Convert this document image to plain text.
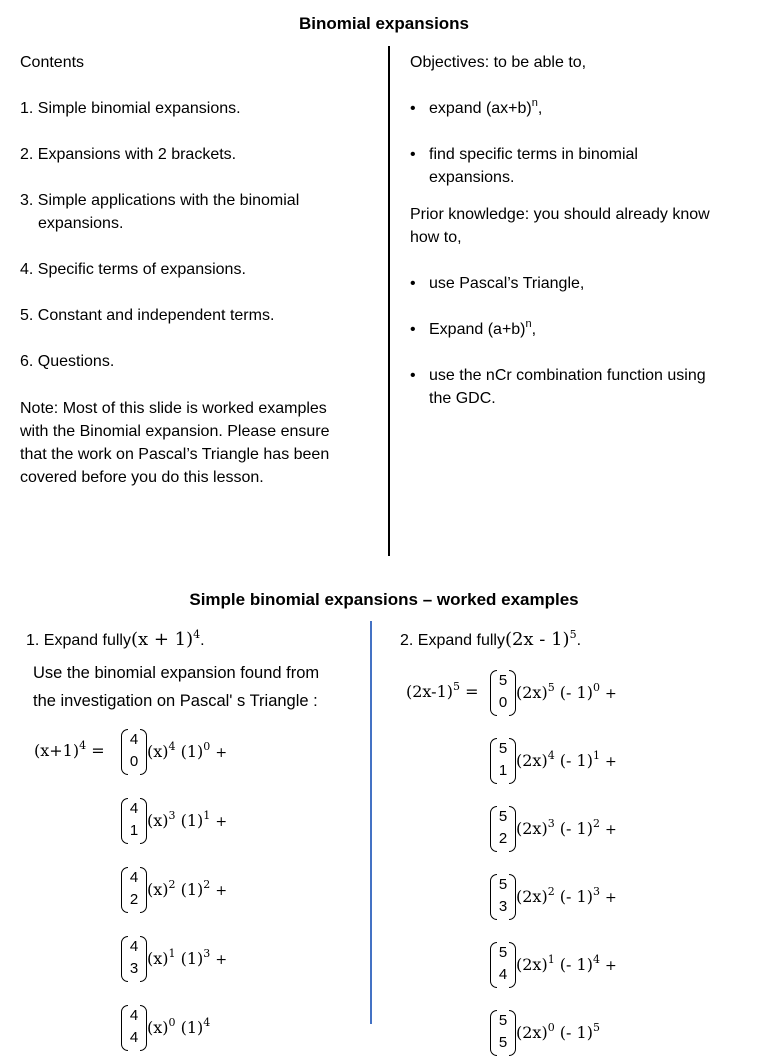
Binomial expansions
Contents
1. Simple binomial expansions.
2. Expansions with 2 brackets.
3. Simple applications with the binomial
expansions.
4. Specific terms of expansions.
5. Constant and independent terms.
6. Questions.
Note: Most of this slide is worked examples
with the Binomial expansion. Please ensure
that the work on Pascal’s Triangle has been
covered before you do this lesson.
Objectives: to be able to,
• expand $(ax+b)^n$,
• find specific terms in binomial
expansions.
Prior knowledge: you should already know
how to,
• use Pascal’s Triangle,
• Expand $(a+b)^n$,
• use the nCr combination function using
the GDC.
Simple binomial expansions – worked examples
1. Expand fully $(x + 1)^4$ .
Use the binomial expansion found from
the investigation on Pascal' s Triangle :
$(x+1)^4$ =
4
0
$(x)^4$ $(1)^0$ +
4
1
$(x)^3$ $(1)^1$ +
4
2
$(x)^2$ $(1)^2$ +
4
3
$(x)^1$ $(1)^3$ +
4
4
$(x)^0$ $(1)^4$
2. Expand fully (2x - 1)$^5$ .
$(2x-1)^5$ =
5
0
$(2x)^5$ (- 1)$^0$ +
5
1
$(2x)^4$ (- 1)$^1$ +
5
2
$(2x)^3$ (- 1)$^2$ +
5
3
$(2x)^2$ (- 1)$^3$ +
5
4
$(2x)^1$ (- 1)$^4$ +
5
5
$(2x)^0$ (- 1)$^5$
